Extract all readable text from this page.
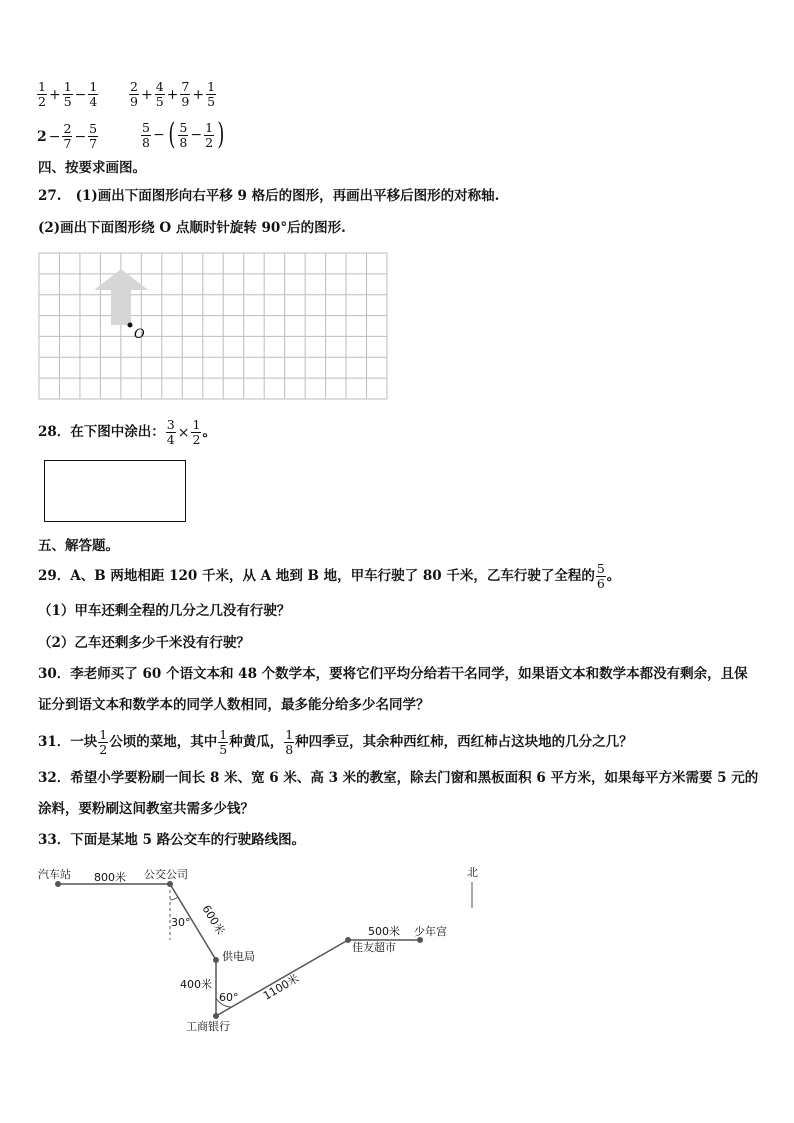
$\frac{1}{2} + \frac{1}{5} - \frac{1}{4} \frac{2}{9} + \frac{4}{5} + \frac{7}{9} + \frac{1}{5}$
$2 - \frac{2}{7} - \frac{5}{7}$	$\frac{5}{8}$ − ( $\frac{5}{8} - \frac{1}{2}$ )
四、按要求画图。
27. (1)画出下面图形向右平移 9 格后的图形，再画出平移后图形的对称轴.
(2)画出下面图形绕 O 点顺时针旋转 90°后的图形.
O
28．在下图中涂出： $\frac{3}{4} \times \frac{1}{2}$ 。
五、解答题。
29．A、B 两地相距 120 千米，从 A 地到 B 地，甲车行驶了 80 千米，乙车行驶了全程的 $\frac{5}{6}$ 。
（1）甲车还剩全程的几分之几没有行驶？
（2）乙车还剩多少千米没有行驶？
30．李老师买了 60 个语文本和 48 个数学本，要将它们平均分给若干名同学，如果语文本和数学本都没有剩余，且保
证分到语文本和数学本的同学人数相同，最多能分给多少名同学？
31．一块 $\frac{1}{2}$ 公顷的菜地，其中 $\frac{1}{5}$ 种黄瓜， $\frac{1}{8}$ 种四季豆，其余种西红柿，西红柿占这块地的几分之几？
32．希望小学要粉刷一间长 8 米、宽 6 米、高 3 米的教室，除去门窗和黑板面积 6 平方米，如果每平方米需要 5 元的
涂料，要粉刷这间教室共需多少钱？
33．下面是某地 5 路公交车的行驶路线图。
汽车站	公交公司
供电局
工商银行
佳友超市
少年宫
800米
600米
400米	1100米
500米
30°
60°
北
